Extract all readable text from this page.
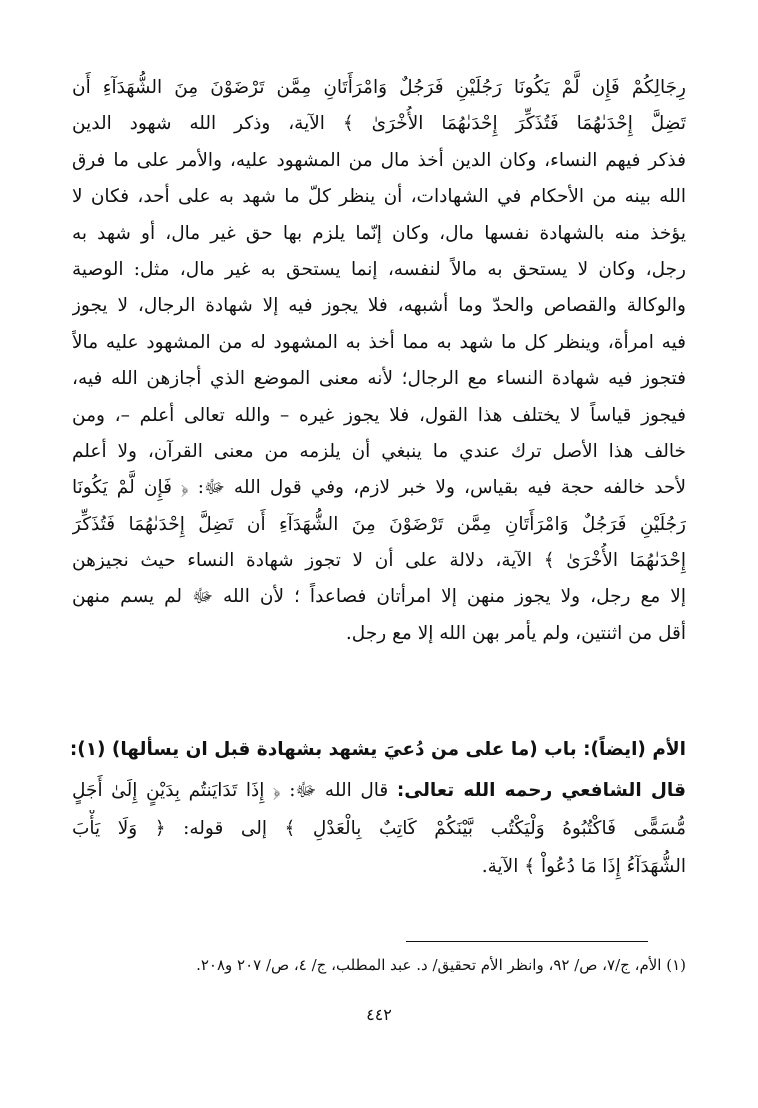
رِجَالِكُمْ فَإِن لَّمْ يَكُونَا رَجُلَيْنِ فَرَجُلٌ وَامْرَأَتَانِ مِمَّن تَرْضَوْنَ مِنَ الشُّهَدَآءِ أَن
تَضِلَّ إِحْدَىٰهُمَا فَتُذَكِّرَ إِحْدَىٰهُمَا الأُخْرَىٰ ﴾ الآية، وذكر الله شهود الدين
فذكر فيهم النساء، وكان الدين أخذ مال من المشهود عليه، والأمر على ما فرق
الله بينه من الأحكام في الشهادات، أن ينظر كلّ ما شهد به على أحد، فكان لا
يؤخذ منه بالشهادة نفسها مال، وكان إنّما يلزم بها حق غير مال، أو شهد به
رجل، وكان لا يستحق به مالاً لنفسه، إنما يستحق به غير مال، مثل: الوصية
والوكالة والقصاص والحدّ وما أشبهه، فلا يجوز فيه إلا شهادة الرجال، لا يجوز
فيه امرأة، وينظر كل ما شهد به مما أخذ به المشهود له من المشهود عليه مالاً
فتجوز فيه شهادة النساء مع الرجال؛ لأنه معنى الموضع الذي أجازهن الله فيه،
فيجوز قياساً لا يختلف هذا القول، فلا يجوز غيره – والله تعالى أعلم –، ومن
خالف هذا الأصل ترك عندي ما ينبغي أن يلزمه من معنى القرآن، ولا أعلم
لأحد خالفه حجة فيه بقياس، ولا خبر لازم، وفي قول الله ﷻ: ﴿ فَإِن لَّمْ يَكُونَا
رَجُلَيْنِ فَرَجُلٌ وَامْرَأَتَانِ مِمَّن تَرْضَوْنَ مِنَ الشُّهَدَآءِ أَن تَضِلَّ إِحْدَىٰهُمَا فَتُذَكِّرَ
إِحْدَىٰهُمَا الأُخْرَىٰ ﴾ الآية، دلالة على أن لا تجوز شهادة النساء حيث نجيزهن
إلا مع رجل، ولا يجوز منهن إلا امرأتان فصاعداً ؛ لأن الله ﷻ لم يسم منهن
أقل من اثنتين، ولم يأمر بهن الله إلا مع رجل.
الأم (ايضاً): باب (ما على من دُعيَ يشهد بشهادة قبل ان يسألها) (١):
قال الشافعي رحمه الله تعالى: قال الله ﷻ: ﴿ إِذَا تَدَايَنتُم بِدَيْنٍ إِلَىٰ أَجَلٍ
مُّسَمًّى فَاكْتُبُوهُ وَلْيَكْتُب بَّيْنَكُمْ كَاتِبٌ بِالْعَدْلِ ﴾ إلى قوله: ﴿ وَلَا يَأْبَ
الشُّهَدَآءُ إِذَا مَا دُعُواْ ﴾ الآية.
(١) الأم، ج/٧، ص/ ٩٢، وانظر الأم تحقيق/ د. عبد المطلب، ج/ ٤، ص/ ٢٠٧ و٢٠٨.
٤٤٢
